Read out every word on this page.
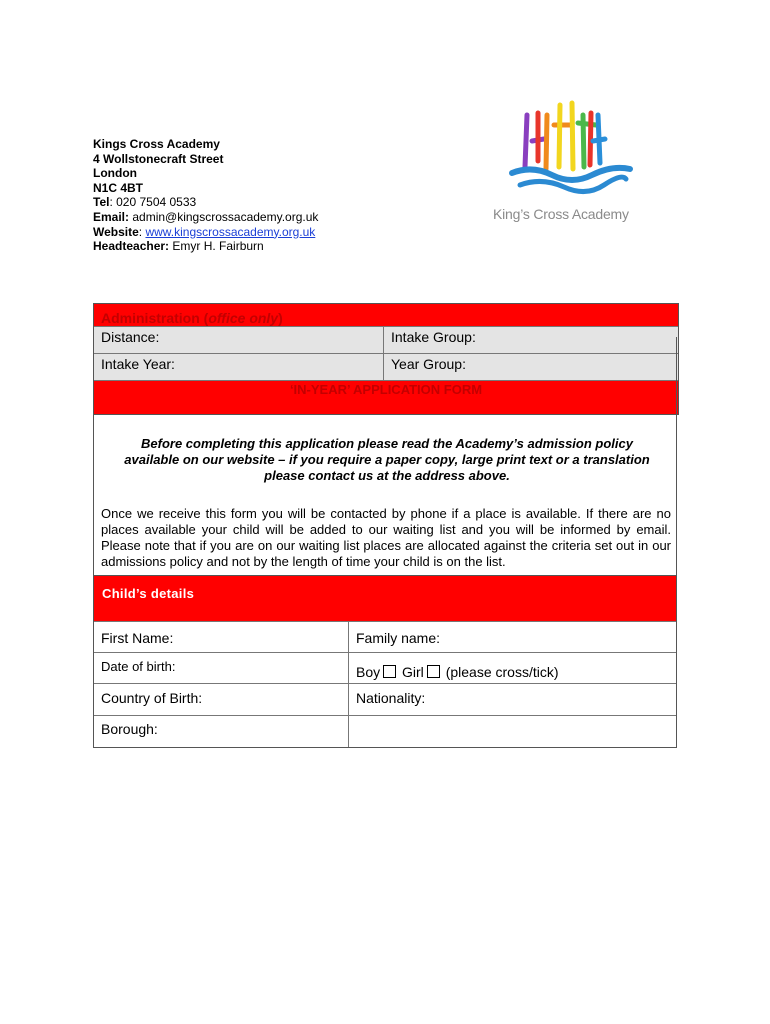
Kings Cross Academy
4 Wollstonecraft Street
London
N1C 4BT
Tel: 020 7504 0533
Email: admin@kingscrossacademy.org.uk
Website: www.kingscrossacademy.org.uk
Headteacher: Emyr H. Fairburn
King’s Cross Academy
Administration (office only)
Distance:	Intake Group:
Intake Year:	Year Group:
‘IN-YEAR’ APPLICATION FORM
Before completing this application please read the Academy’s admission policy available on our website – if you require a paper copy, large print text or a translation please contact us at the address above.
Once we receive this form you will be contacted by phone if a place is available. If there are no places available your child will be added to our waiting list and you will be informed by email. Please note that if you are on our waiting list places are allocated against the criteria set out in our admissions policy and not by the length of time your child is on the list.
Child’s details
First Name:	Family name:
Date of birth:	Boy Girl (please cross/tick)
Country of Birth:	Nationality:
Borough:
